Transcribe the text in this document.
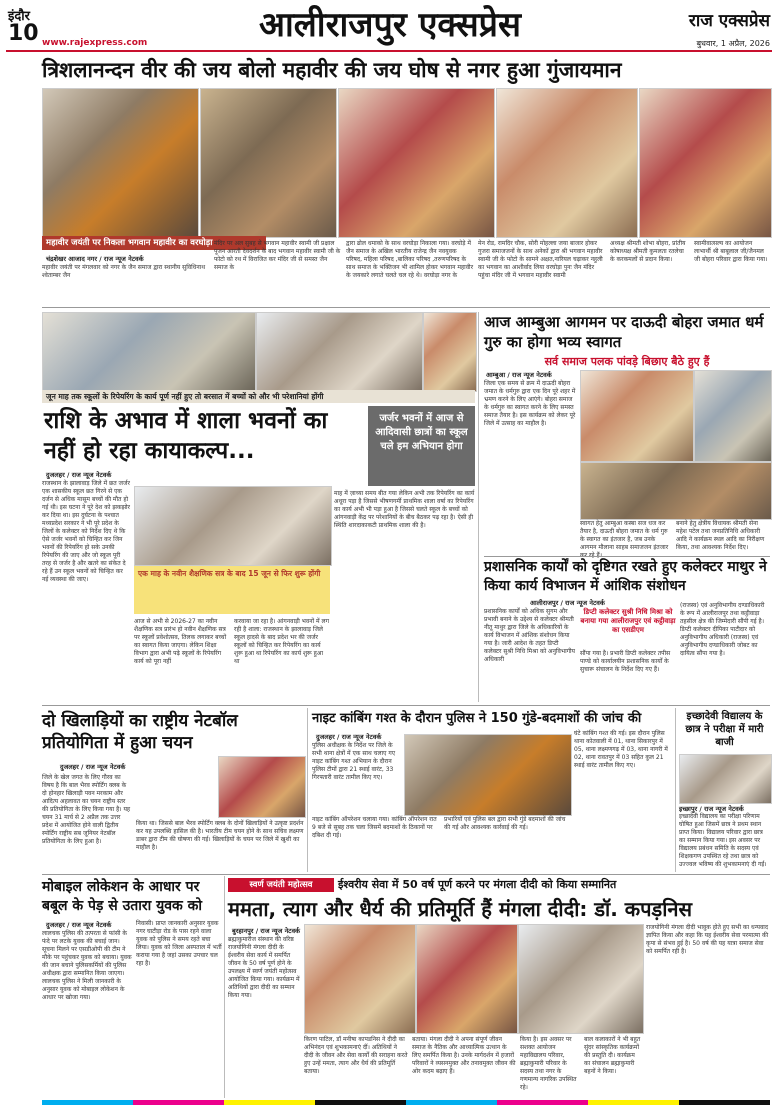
इंदौर
10	आलीराजपुर एक्सप्रेस	राज एक्सप्रेस
www.rajexpress.com	बुधवार, 1 अप्रैल, 2026
त्रिशलानन्दन वीर की जय बोलो महावीर की जय घोष से नगर हुआ गुंजायमान
महावीर जयंती पर निकला भगवान महावीर का वरघोड़ा
चंद्रशेखर आजाद नगर / राज न्यूज नेटवर्क
महावीर जयंती पर मंगलवार को नगर के जैन समाज द्वारा स्थानीय सुविधिनाथ श्वेताम्बर जैन
मंदिर पर अल सुबह से भगवान महावीर स्वामी जी प्रक्षाल पूजन आरती देवदर्शन के बाद भगवान महावीर स्वामी जी के फोटो को रथ में विराजित कर मंदिर जी से समस्त जैन समाज के
द्वारा ढोल धमाको के साथ वरघोड़ा निकाला गया। वरघोड़े में जैन समाज के अखिल भारतीय राजेन्द्र जैन नवयुवक परिषद, महिला परिषद ,बालिका परिषद ,तरुणपरिषद के साथ समाज के भक्तिजन भी शामिल होकर भगवान महावीर के जयकारे लगाते चलते चल रहे थे। वरघोड़ा नगर के
मेन रोड, रामदिर चौक, सोरी मोहल्ला जया बाजार होकर गुजरा समाजजनों के साथ अनेकों द्वारा श्री भगवान महावीर स्वामी जी के फोटो के सामने अक्षत,नारियल चढ़ाकर नहुली का भगवान का आशीर्वाद लिया वरघोड़ा पुनः जैन मंदिर पहुंचा मंदिर जी में भगवान महावीर स्वामी
अध्यक्ष श्रीमती शोभा बोहरा, प्रांतीय कोषाध्यक्ष श्रीमती कुमलता रतलेचा के करकमलों से प्रदान किया।
स्वामीवात्सल्य का आयोजन लाभार्थी श्री बाबूलाल जी/जैनमल जी बोहरा परिवार द्वारा किया गया।
जून माह तक स्कूलों के रिपेयरिंग के कार्य पूर्ण नहीं हुए तो बरसात में बच्चों को और भी परेशानियां होंगी
राशि के अभाव में शाला भवनों का नहीं हो रहा कायाकल्प...
जर्जर भवनों में आज से आदिवासी छात्रों का स्कूल चले हम अभियान होगा
दुजलहर / राज न्यूज नेटवर्क
राजस्थान के झालावाड़ जिले में छत जर्जर एक शासकीय स्कूल छत गिरने से एक दर्जन से अधिक मासूम बच्चों की मौत हो गई थी। इस घटना ने पूरे देश को झकझोर कर दिया था। इस दुर्घटना के पश्चात मध्यप्रदेश सरकार ने भी पूरे प्रदेश के जिलों के कलेक्टर को निर्देश दिए थे कि ऐसे जर्जर भवनों को चिन्हित कर जिन भवनों की रिपेयरिंग हो सके उनकी रिपेयरिंग की जाए और जो स्कूल पूरी तरह से जर्जर है और खतरे का संकेत दे रहे हैं उन स्कूल भवनों को चिन्हित कर नई व्यवस्था की जाए।
एक माह के नवीन शैक्षणिक सत्र के बाद 15 जून से फिर शुरू होंगी
आज से अभी से 2026-27 का नवीन शैक्षणिक सत्र प्रारंभ हो नवीन शैक्षणिक सत्र पर स्कूलों प्रवेशोत्सव, तिलक लगाकर बच्चों का स्वागत किया जाएगा। लेकिन शिक्षा विभाग द्वारा अभी पढ़े स्कूलों के रिपेयरिंग कार्य को पूरा नहीं
करवाया जा रहा है। आंगनवाड़ी भवनों में लग रही है शाला: राजस्थान के झालावाड़ जिले स्कूल हादसे के बाद प्रदेश भर की जर्जर स्कूलों को चिन्हित कर रिपेयरिंग का कार्य शुरू हुआ था रिपेयरिंग का कार्य शुरू हुआ था
माह में ज़ाच्या समय बीत गया लेकिन अभी तक रिपेयरिंग का कार्य अधूरा पड़ा है जिससे भीषणगर्मी प्राथमिक शाला वर्षा का रिपेयरिंग का कार्य अभी भी पड़ा हुआ है जिससे चलते स्कूल के बच्चों को आंगनवाड़ी केंद्र पर परेशानियों के बीच बैठकर पढ़ रहा है। ऐसी ही स्थिति शारदाकाकटी प्राथमिक शाला की है।
आज आम्बुआ आगमन पर दाऊदी बोहरा जमात धर्म गुरु का होगा भव्य स्वागत
सर्व समाज पलक पांवड़े बिछाए बैठे हुए हैं
आम्बुआ / राज न्यूज नेटवर्क
जिला एक समय से क्रम में दाऊदी बोहरा जमात के धर्मगुरु द्वारा एक दिन पूरे शहर में भ्रमण करने के लिए आएंगे। बोहरा समाज के धर्मगुरु का स्वागत करने के लिए समस्त समाज तैयार है। इस कार्यक्रम को लेकर पूरे जिले में उत्साह का माहौल है।
स्वागत हेतु आम्बुआ कस्बा सज धज कर तैयार है, दाऊदी बोहरा जमात के धर्म गुरु के स्वागत का इंतजार है, जब उनके आगमन मौलाना साहब समाजजन इंतजार
बनाने हेतु क्षेत्रीय विधायक श्रीमती सेना महेश पटेल तथा जनप्रतिनिधि अधिकारी आदि ने कार्यक्रम स्थल आदि का निरीक्षण किया, तथा आवश्यक निर्देश दिए।
प्रशासनिक कार्यों को दृष्टिगत रखते हुए कलेक्टर माथुर ने किया कार्य विभाजन में आंशिक संशोधन
आलीराजपुर / राज न्यूज नेटवर्क
प्रशासनिक कार्यों को अधिक सुगम और प्रभावी बनाने के उद्देश्य से कलेक्टर श्रीमती नीतू माथुर द्वारा जिले के अधिकारियों के कार्य विभाजन में आंशिक संशोधन किया गया है। जारी आदेश के तहत डिप्टी कलेक्टर सुश्री निधि मिश्रा को अनुविभागीय अधिकारी
डिप्टी कलेक्टर सुश्री निधि मिश्रा को बनाया गया आलीराजपुर एवं कट्ठीवाड़ा का एसडीएम
सौंपा गया है। प्रभारी डिप्टी कलेक्टर तपीस पाण्डे को कार्यालयीन प्रशासनिक कार्यों के सुचारू संचालन के निर्देश दिए गए हैं।
(राजस्व) एवं अनुविभागीय दण्डाधिकारी के रूप में आलीराजपुर तथा कट्ठीवाड़ा तहसील क्षेत्र की जिम्मेदारी सौंपी गई है। डिप्टी कलेक्टर दीपिका पाटीदार को अनुविभागीय अधिकारी (राजस्व) एवं अनुविभागीय दण्डाधिकारी जोबट का दायित्व सौंपा गया है।
दो खिलाड़ियों का राष्ट्रीय नेटबॉल प्रतियोगिता में हुआ चयन
दुजलहर / राज न्यूज नेटवर्क
जिले के खेल जगत के लिए गौरव का विषय है कि बाल भैरव स्पोर्टिंग क्लब के दो होनहार खिलाड़ी पवन मरकाम और आदित्य अहलावत का चयन राष्ट्रीय स्तर की प्रतियोगिता के लिए किया गया है। यह चयन 31 मार्च से 2 अप्रैल तक उत्तर प्रदेश में आयोजित होने वाली द्वितीय स्पोर्टिंग राष्ट्रीय सब जूनियर नेटबॉल प्रतियोगिता के लिए हुआ है।
किया था। जिससे बाल भैरव स्पोर्टिंग क्लब के दोनों खिलाड़ियों ने उत्कृष्ट प्रदर्शन कर यह उपलब्धि हासिल की है। भारतीय टीम चयन होने के साथ सचिव लक्ष्मण डाबर द्वारा टीम की घोषणा की गई। खिलाड़ियों के चयन पर जिले में खुशी का माहौल है।
नाइट कांबिंग गश्त के दौरान पुलिस ने 150 गुंडे-बदमाशों की जांच की
दुजलहर / राज न्यूज नेटवर्क
पुलिस अधीक्षक के निर्देश पर जिले के सभी थाना क्षेत्रों में एक साथ चलाए गए नाइट कांबिंग गश्त अभियान के दौरान पुलिस टीमों द्वारा 21 स्थाई वारंट, 33 गिरफ्तारी वारंट तामील किए गए।
नाइट कांबिंग ऑपरेशन चलाया गया। कांबिंग ऑपरेशन रात 9 बजे से सुबह तक चला जिसमें बदमाशों के ठिकानों पर दबिश दी गई।
प्रभारियों एवं पुलिस बल द्वारा सभी गुंडे बदमाशों की जांच की गई और आवश्यक कार्रवाई की गई।
घंटे कांबिंग गश्त की गई। इस दौरान पुलिस थाना कोतवाली में 01, थाना सिकारपुर में 05, थाना लक्ष्मणगढ़ में 03, थाना नागरी में 02, थाना रावतपुर में 03 सहित कुल 21 स्थाई वारंट तामील किए गए।
इच्छादेवी विद्यालय के छात्र ने परीक्षा में मारी बाजी
इच्छापुर / राज न्यूज नेटवर्क
इच्छादेवी विद्यालय का परीक्षा परिणाम घोषित हुआ जिसमें छात्र ने प्रथम स्थान प्राप्त किया। विद्यालय परिवार द्वारा छात्र का सम्मान किया गया। इस अवसर पर विद्यालय प्रबंधन समिति के सदस्य एवं शिक्षकगण उपस्थित रहे तथा छात्र को उज्ज्वल भविष्य की शुभकामनाएं दी गईं।
मोबाइल लोकेशन के आधार पर बबूल के पेड़ से उतारा युवक को
दुजलहर / राज न्यूज नेटवर्क
लालचक पुलिस की तत्परता से फांसी के फंदे पर लटके युवक की बचाई जान। सूचना मिलने पर एसडीओपी की टीम ने मौके पर पहुंचकर युवक को बचाया। युवक की जान बचाने पुलिसकर्मियों की पुलिस अधीक्षक द्वारा सम्मानित किया जाएगा। लालचक पुलिस ने मिली जानकारी के अनुसार युवक को मोबाइल लोकेशन के आधार पर खोजा गया।
निवासी। प्राप्त जानकारी अनुसार युवक नगर घाटीड़ा रोड के पास रहने वाला युवक को पुलिस ने समय रहते बचा लिया। युवक को जिला अस्पताल में भर्ती कराया गया है जहां उसका उपचार चल रहा है।
स्वर्ण जयंती महोत्सव	ईश्वरीय सेवा में 50 वर्ष पूर्ण करने पर मंगला दीदी को किया सम्मानित
ममता, त्याग और धैर्य की प्रतिमूर्ति हैं मंगला दीदी: डॉ. कपड़निस
बुरहानपुर / राज न्यूज नेटवर्क
ब्रह्माकुमारीज संस्थान की वरिष्ठ राजयोगिनी मंगला दीदी के ईश्वरीय सेवा कार्य में समर्पित जीवन के 50 वर्ष पूर्ण होने के उपलक्ष्य में स्वर्ण जयंती महोत्सव आयोजित किया गया। कार्यक्रम में अतिथियों द्वारा दीदी का सम्मान किया गया।
किरण पाटिल, डॉ मनीषा कापडनिस ने दीदी का अभिनंदन एवं शुभकामनाएं दीं। अतिथियों ने दीदी के जीवन और सेवा कार्यों की सराहना करते हुए उन्हें ममता, त्याग और धैर्य की प्रतिमूर्ति बताया।
बताया। मंगला दीदी ने अपना संपूर्ण जीवन समाज के नैतिक और आध्यात्मिक उत्थान के लिए समर्पित किया है। उनके मार्गदर्शन में हजारों परिवारों ने व्यसनमुक्त और तनावमुक्त जीवन की ओर कदम बढ़ाए हैं।
किया है। इस अवसर पर सशक्त आयोजन महाविद्यालय परिवार, ब्रह्माकुमारी परिवार के सदस्य तथा नगर के गणमान्य नागरिक उपस्थित रहे।
बाल कलाकारों ने भी बहुत सुंदर सांस्कृतिक कार्यक्रमों की प्रस्तुति दी। कार्यक्रम का संचालन ब्रह्माकुमारी बहनों ने किया।
राजयोगिनी मंगला दीदी भावुक होते हुए सभी का धन्यवाद ज्ञापित किया और कहा कि यह ईश्वरीय सेवा परमात्मा की कृपा से संभव हुई है। 50 वर्ष की यह यात्रा समाज सेवा को समर्पित रही है।
